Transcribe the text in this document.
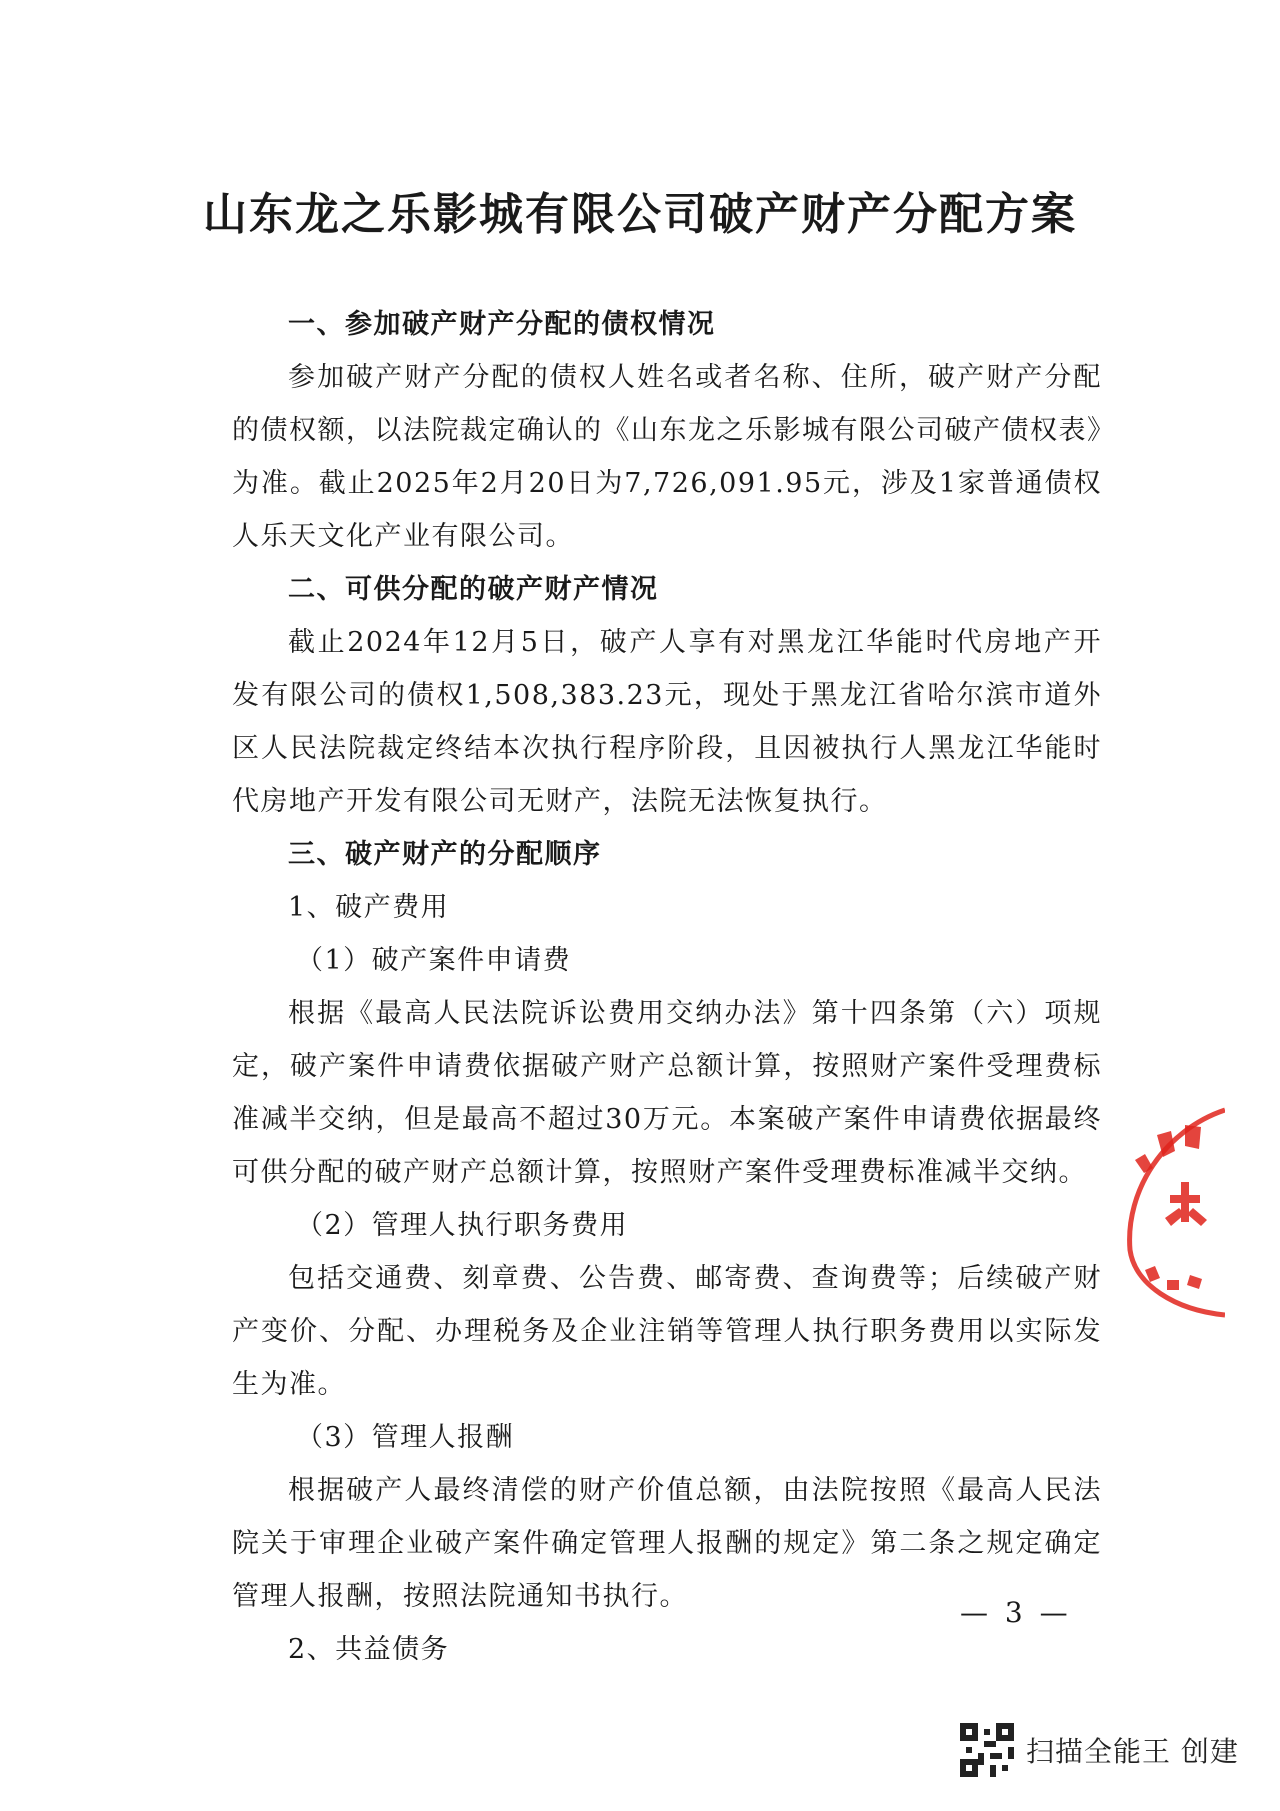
山东龙之乐影城有限公司破产财产分配方案

一、参加破产财产分配的债权情况

参加破产财产分配的债权人姓名或者名称、住所，破产财产分配的债权额，以法院裁定确认的《山东龙之乐影城有限公司破产债权表》为准。截止2025年2月20日为7,726,091.95元，涉及1家普通债权人乐天文化产业有限公司。

二、可供分配的破产财产情况

截止2024年12月5日，破产人享有对黑龙江华能时代房地产开发有限公司的债权1,508,383.23元，现处于黑龙江省哈尔滨市道外区人民法院裁定终结本次执行程序阶段，且因被执行人黑龙江华能时代房地产开发有限公司无财产，法院无法恢复执行。

三、破产财产的分配顺序

1、破产费用

（1）破产案件申请费

根据《最高人民法院诉讼费用交纳办法》第十四条第（六）项规定，破产案件申请费依据破产财产总额计算，按照财产案件受理费标准减半交纳，但是最高不超过30万元。本案破产案件申请费依据最终可供分配的破产财产总额计算，按照财产案件受理费标准减半交纳。

（2）管理人执行职务费用

包括交通费、刻章费、公告费、邮寄费、查询费等；后续破产财产变价、分配、办理税务及企业注销等管理人执行职务费用以实际发生为准。

（3）管理人报酬

根据破产人最终清偿的财产价值总额，由法院按照《最高人民法院关于审理企业破产案件确定管理人报酬的规定》第二条之规定确定管理人报酬，按照法院通知书执行。

2、共益债务

— 3 —
扫描全能王 创建
